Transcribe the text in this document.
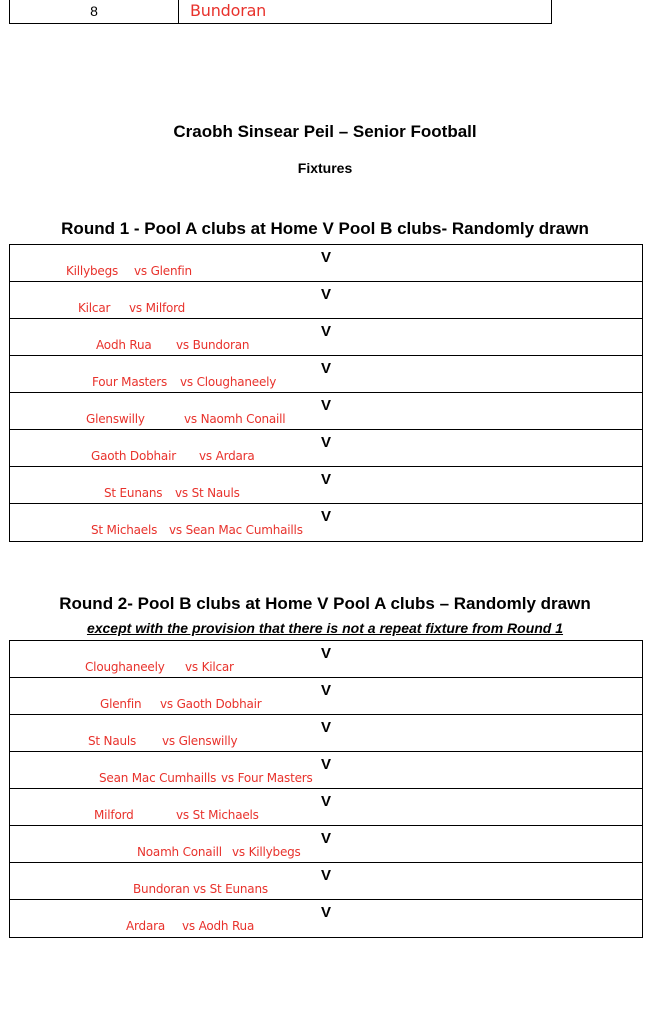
8	Bundoran
Craobh Sinsear Peil – Senior Football
Fixtures
Round 1 - Pool A clubs at Home V Pool B clubs- Randomly drawn
V
Killybegs vs Glenfin
V
Kilcar vs Milford
V
Aodh Rua vs Bundoran
V
Four Masters vs Cloughaneely
V
Glenswilly	vs Naomh Conaill
V
Gaoth Dobhair vs Ardara
V
St Eunans vs St Nauls
V
St Michaels vs Sean Mac Cumhaills
Round 2- Pool B clubs at Home V Pool A clubs – Randomly drawn
except with the provision that there is not a repeat fixture from Round 1
V
Cloughaneely vs Kilcar
V
Glenfin vs Gaoth Dobhair
V
St Nauls vs Glenswilly
V
Sean Mac Cumhaills vs Four Masters
V
Milford	vs St Michaels
V
Noamh Conaill vs Killybegs
V
Bundoran vs St Eunans
V
Ardara vs Aodh Rua
